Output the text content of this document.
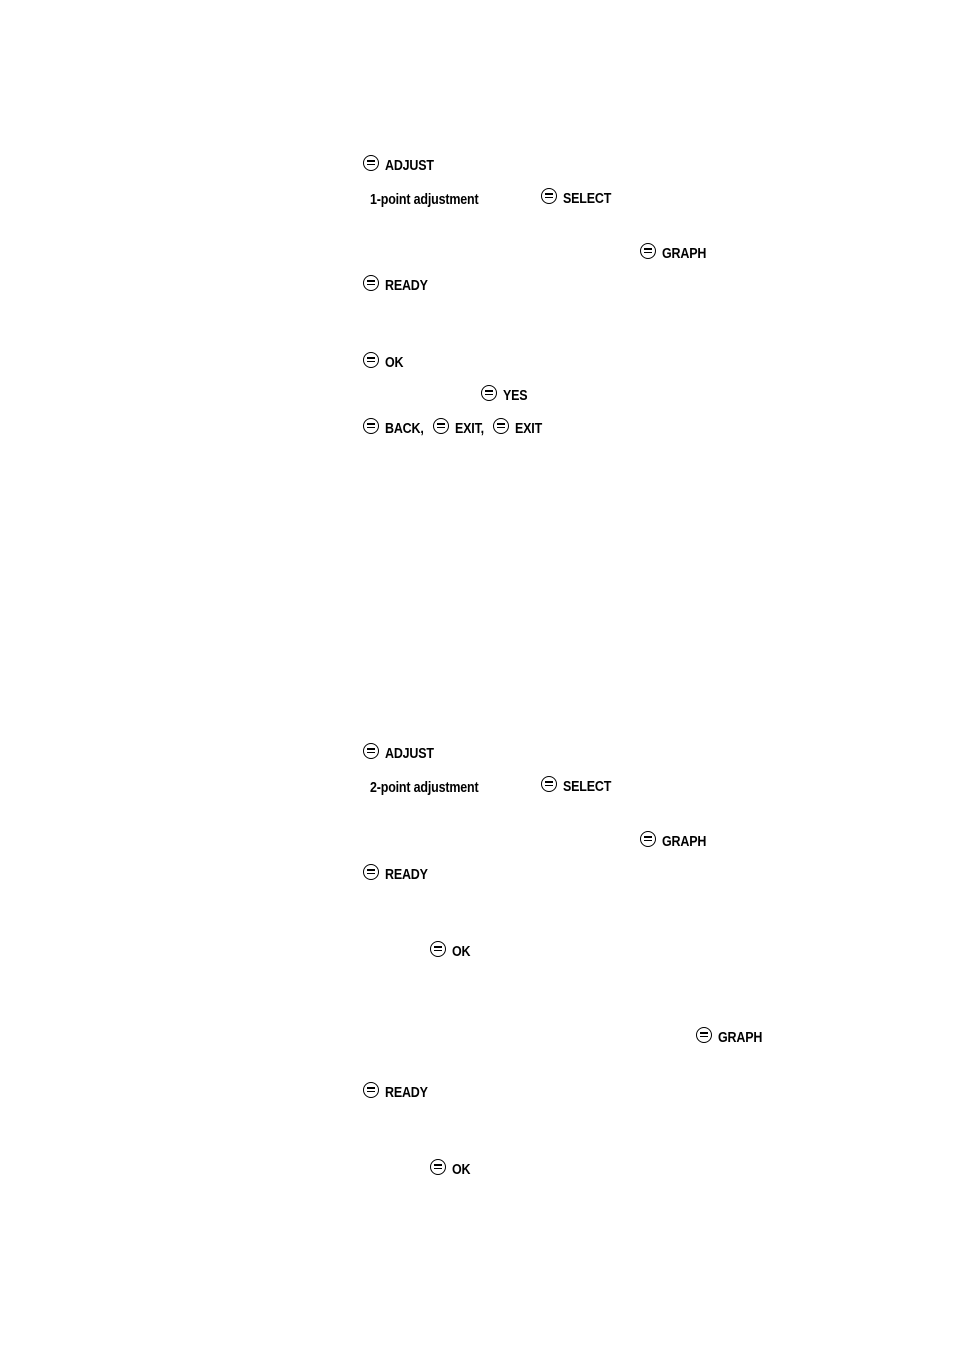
ADJUST
1-point adjustment	SELECT
GRAPH
READY
OK
YES
BACK, EXIT, EXIT
ADJUST
2-point adjustment	SELECT
GRAPH
READY
OK
GRAPH
READY
OK
